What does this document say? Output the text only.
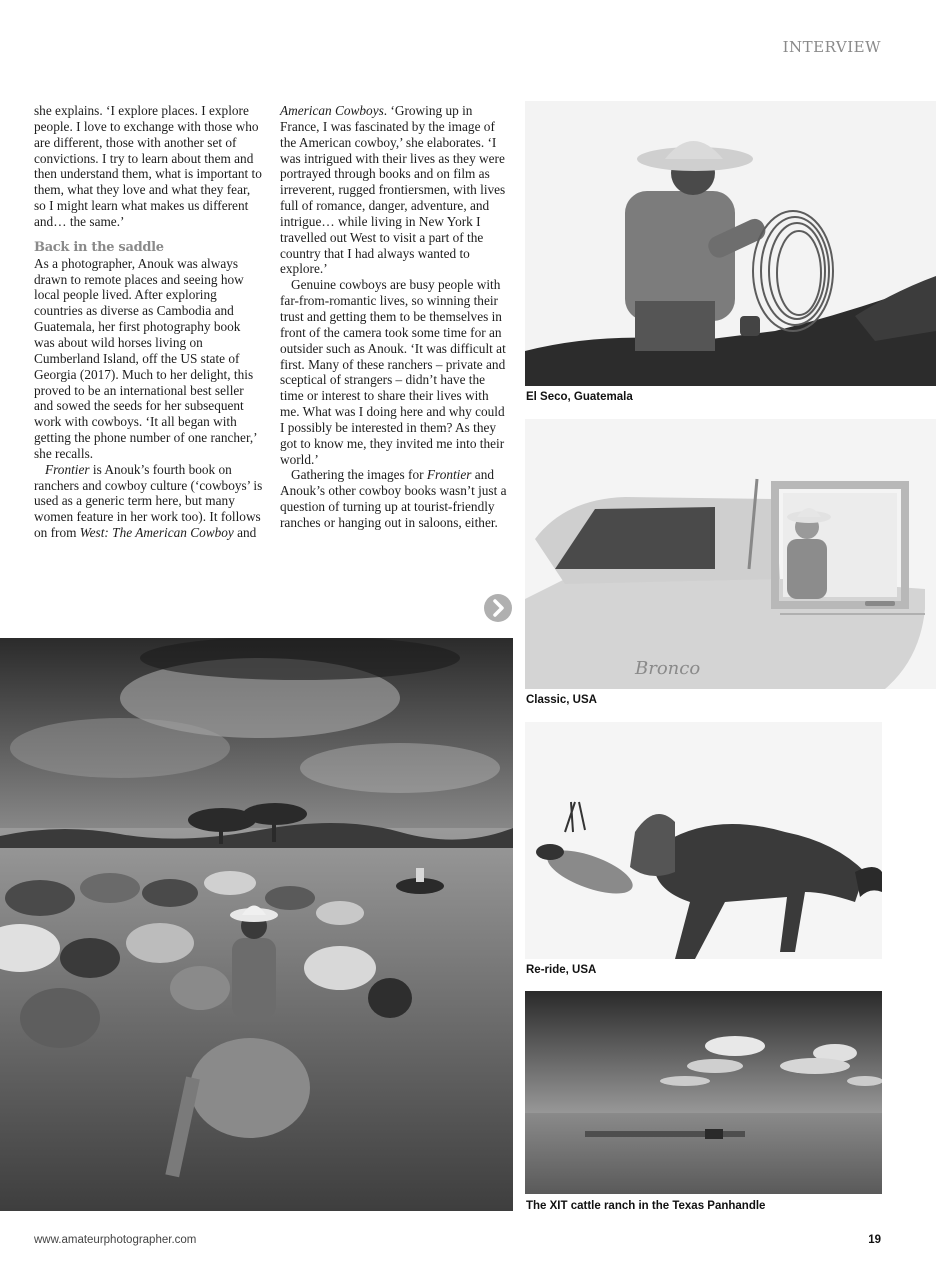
INTERVIEW

she explains. ‘I explore places. I explore people. I love to exchange with those who are different, those with another set of convictions. I try to learn about them and then understand them, what is important to them, what they love and what they fear, so I might learn what makes us different and… the same.’

Back in the saddle

As a photographer, Anouk was always drawn to remote places and seeing how local people lived. After exploring countries as diverse as Cambodia and Guatemala, her first photography book was about wild horses living on Cumberland Island, off the US state of Georgia (2017). Much to her delight, this proved to be an international best seller and sowed the seeds for her subsequent work with cowboys. ‘It all began with getting the phone number of one rancher,’ she recalls.

Frontier is Anouk’s fourth book on ranchers and cowboy culture (‘cowboys’ is used as a generic term here, but many women feature in her work too). It follows on from West: The American Cowboy and

American Cowboys. ‘Growing up in France, I was fascinated by the image of the American cowboy,’ she elaborates. ‘I was intrigued with their lives as they were portrayed through books and on film as irreverent, rugged frontiersmen, with lives full of romance, danger, adventure, and intrigue… while living in New York I travelled out West to visit a part of the country that I had always wanted to explore.’

Genuine cowboys are busy people with far-from-romantic lives, so winning their trust and getting them to be themselves in front of the camera took some time for an outsider such as Anouk. ‘It was difficult at first. Many of these ranchers – private and sceptical of strangers – didn’t have the time or interest to share their lives with me. What was I doing here and why could I possibly be interested in them? As they got to know me, they invited me into their world.’

Gathering the images for Frontier and Anouk’s other cowboy books wasn’t just a question of turning up at tourist-friendly ranches or hanging out in saloons, either.

El Seco, Guatemala
Bronco
Classic, USA
Re-ride, USA
The XIT cattle ranch in the Texas Panhandle
www.amateurphotographer.com	19
